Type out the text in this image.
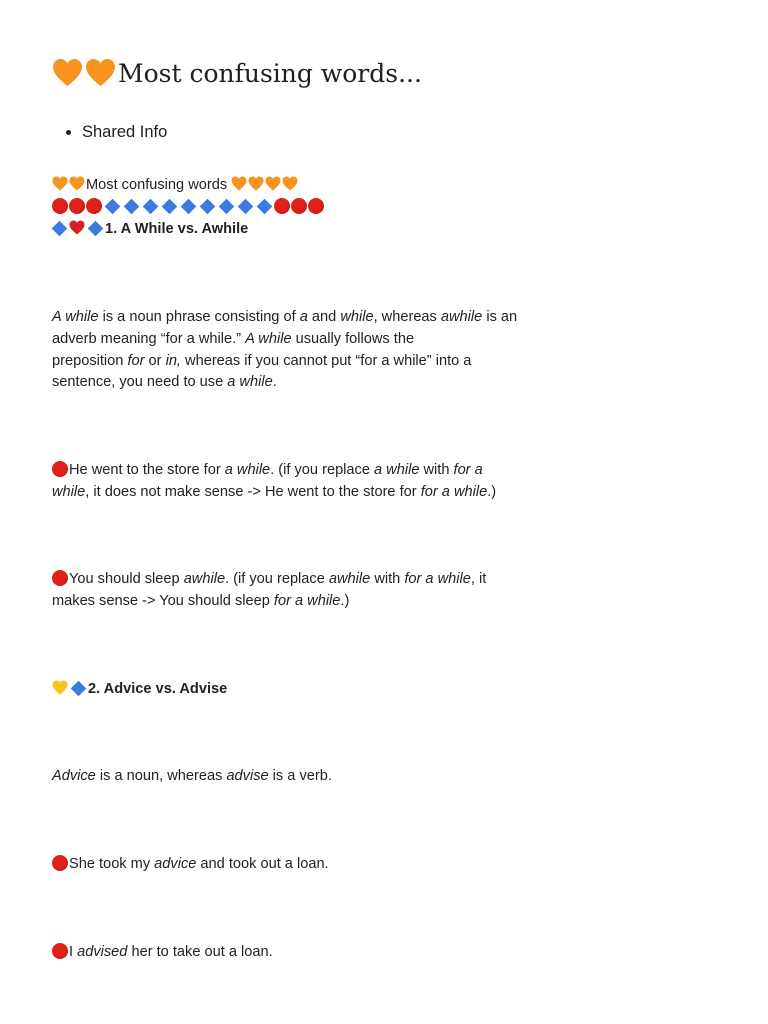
Most confusing words...
• Shared Info
Most confusing words
1. A While vs. Awhile
A while is a noun phrase consisting of a and while, whereas awhile is an
adverb meaning “for a while.” A while usually follows the
preposition for or in, whereas if you cannot put “for a while” into a
sentence, you need to use a while.
He went to the store for a while. (if you replace a while with for a
while, it does not make sense -> He went to the store for for a while.)
You should sleep awhile. (if you replace awhile with for a while, it
makes sense -> You should sleep for a while.)
2. Advice vs. Advise
Advice is a noun, whereas advise is a verb.
She took my advice and took out a loan.
I advised her to take out a loan.
